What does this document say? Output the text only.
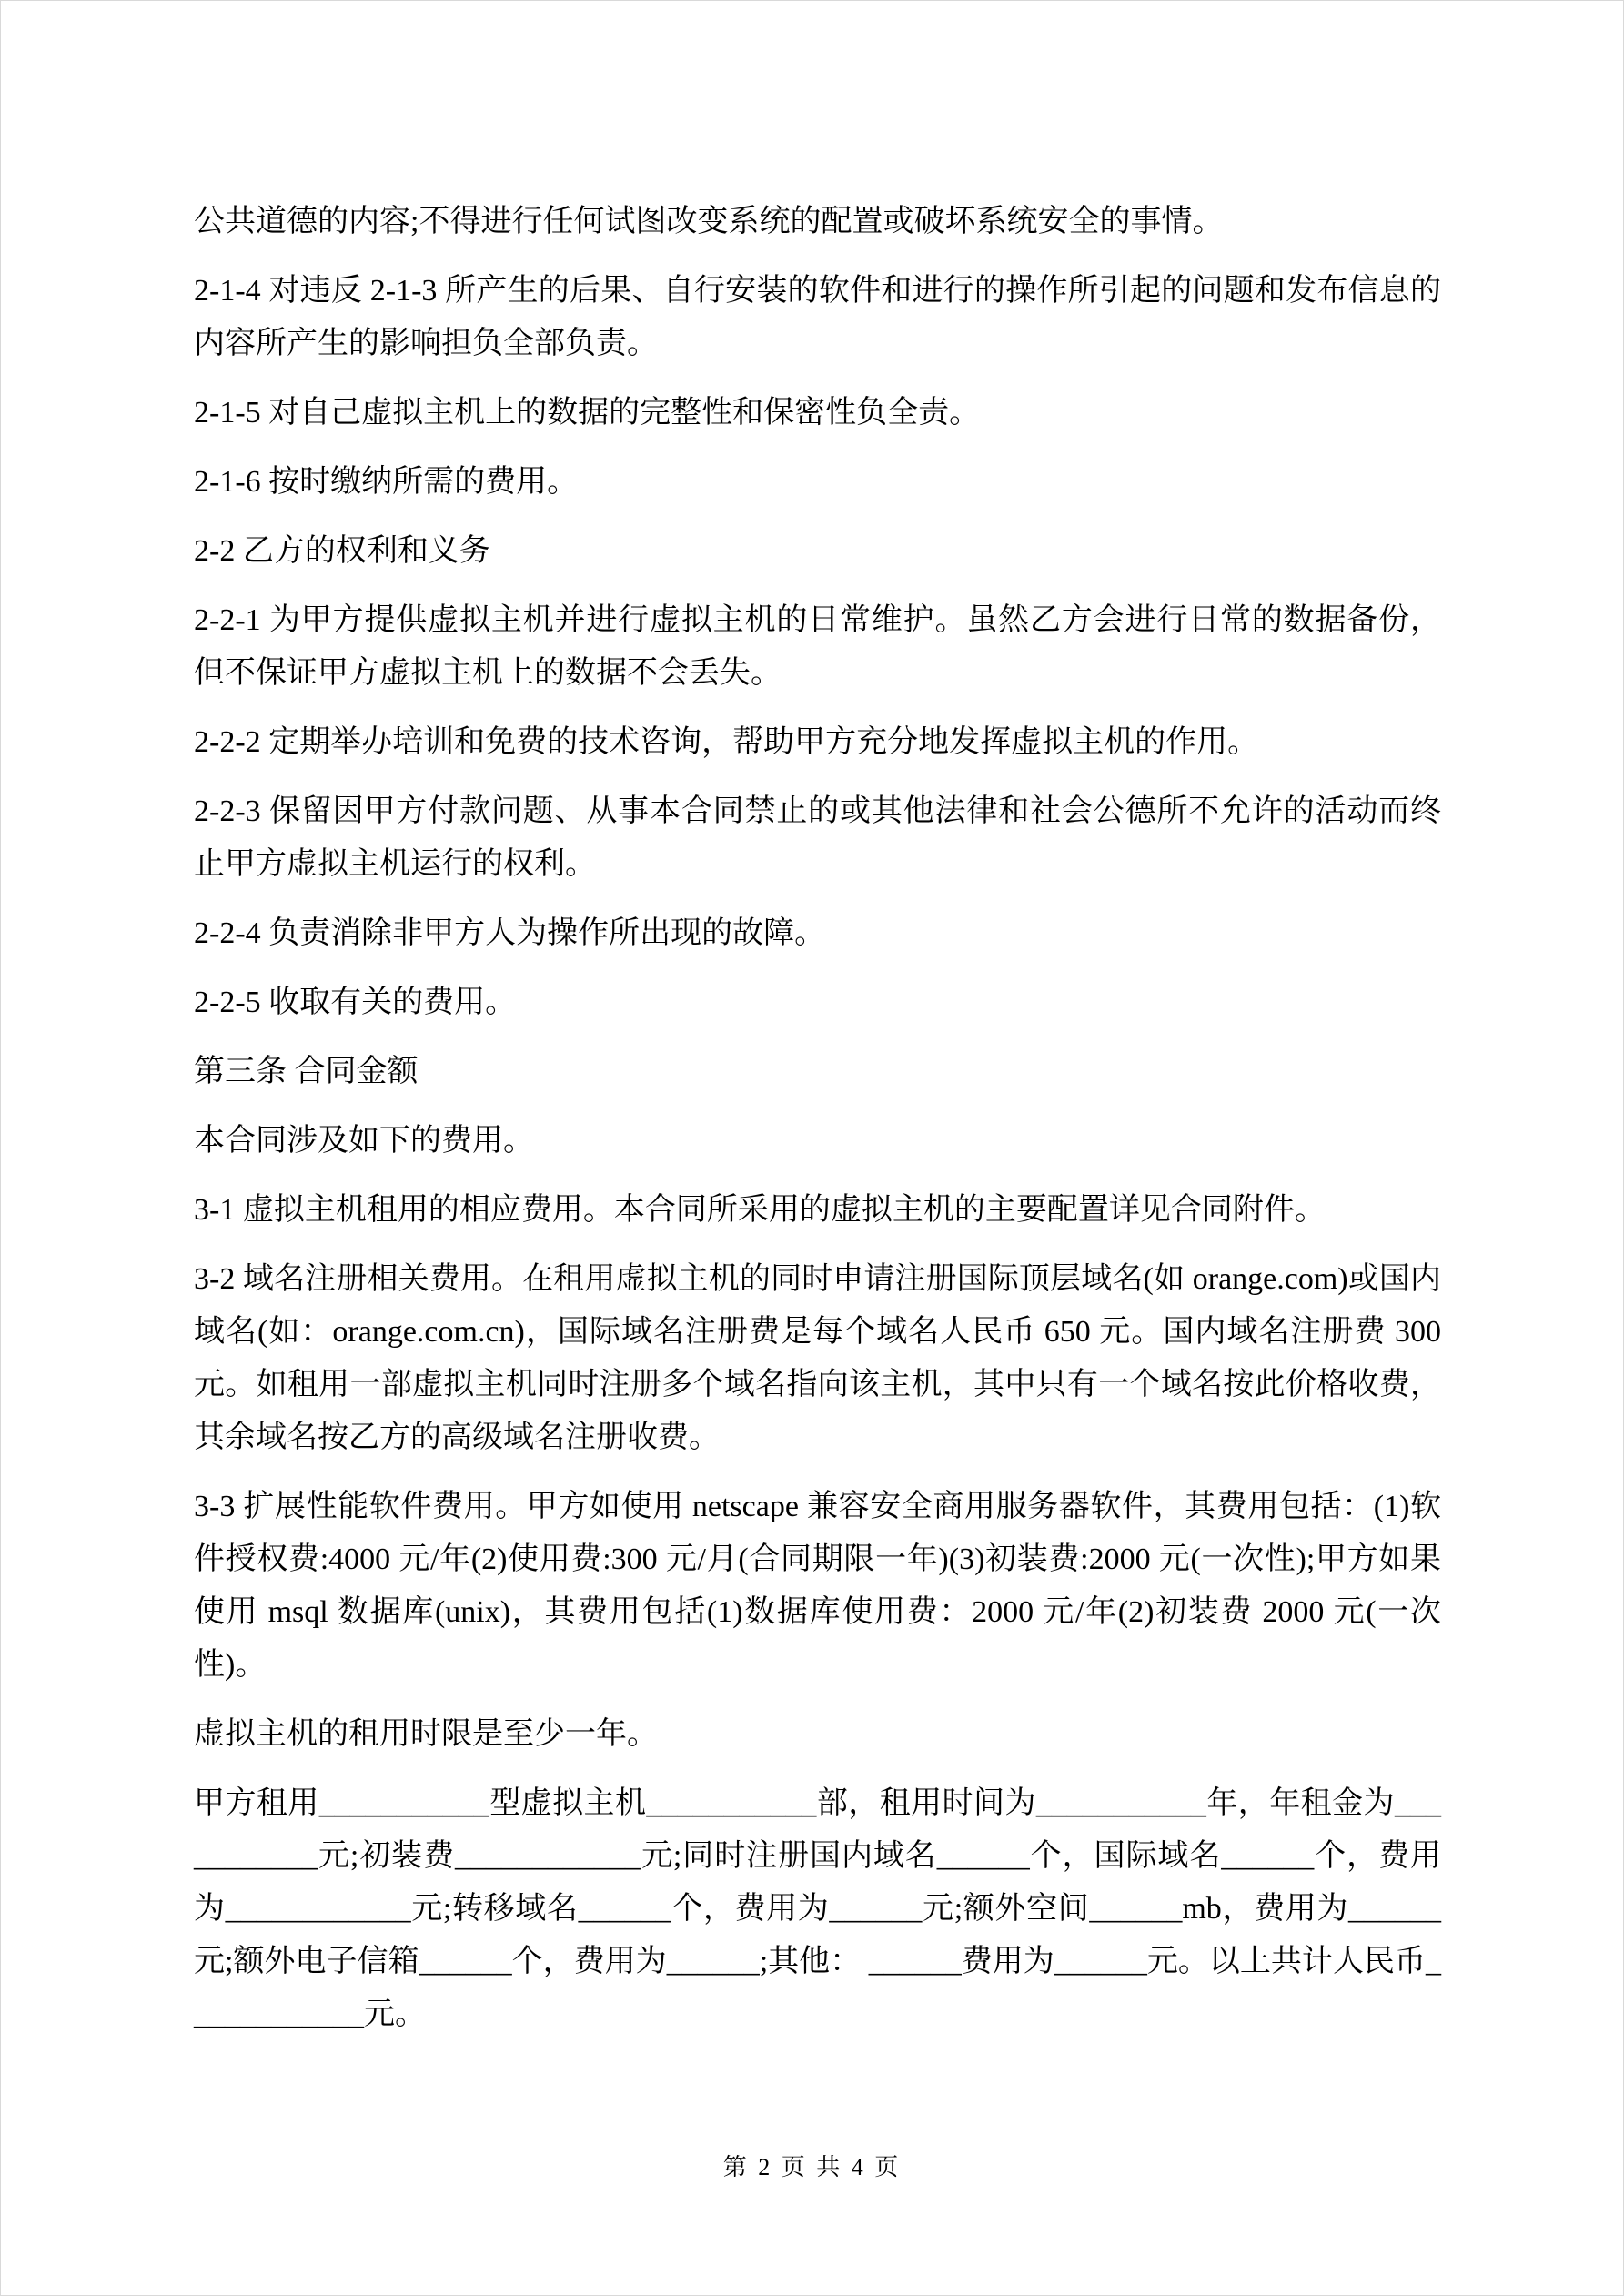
公共道德的内容;不得进行任何试图改变系统的配置或破坏系统安全的事情。

2-1-4 对违反 2-1-3 所产生的后果、自行安装的软件和进行的操作所引起的问题和发布信息的内容所产生的影响担负全部负责。

2-1-5 对自己虚拟主机上的数据的完整性和保密性负全责。

2-1-6 按时缴纳所需的费用。

2-2 乙方的权利和义务

2-2-1 为甲方提供虚拟主机并进行虚拟主机的日常维护。虽然乙方会进行日常的数据备份，但不保证甲方虚拟主机上的数据不会丢失。

2-2-2 定期举办培训和免费的技术咨询，帮助甲方充分地发挥虚拟主机的作用。

2-2-3 保留因甲方付款问题、从事本合同禁止的或其他法律和社会公德所不允许的活动而终止甲方虚拟主机运行的权利。

2-2-4 负责消除非甲方人为操作所出现的故障。

2-2-5 收取有关的费用。

第三条 合同金额

本合同涉及如下的费用。

3-1 虚拟主机租用的相应费用。本合同所采用的虚拟主机的主要配置详见合同附件。

3-2 域名注册相关费用。在租用虚拟主机的同时申请注册国际顶层域名(如 orange.com)或国内域名(如：orange.com.cn)，国际域名注册费是每个域名人民币 650 元。国内域名注册费 300 元。如租用一部虚拟主机同时注册多个域名指向该主机，其中只有一个域名按此价格收费，其余域名按乙方的高级域名注册收费。

3-3 扩展性能软件费用。甲方如使用 netscape 兼容安全商用服务器软件，其费用包括：(1)软件授权费:4000 元/年(2)使用费:300 元/月(合同期限一年)(3)初装费:2000 元(一次性);甲方如果使用 msql 数据库(unix)，其费用包括(1)数据库使用费：2000 元/年(2)初装费 2000 元(一次性)。

虚拟主机的租用时限是至少一年。

甲方租用___________型虚拟主机___________部，租用时间为___________年，年租金为___________元;初装费____________元;同时注册国内域名______个，国际域名______个，费用为____________元;转移域名______个，费用为______元;额外空间______mb，费用为______元;额外电子信箱______个，费用为______;其他： ______费用为______元。以上共计人民币____________元。

第 2 页 共 4 页
